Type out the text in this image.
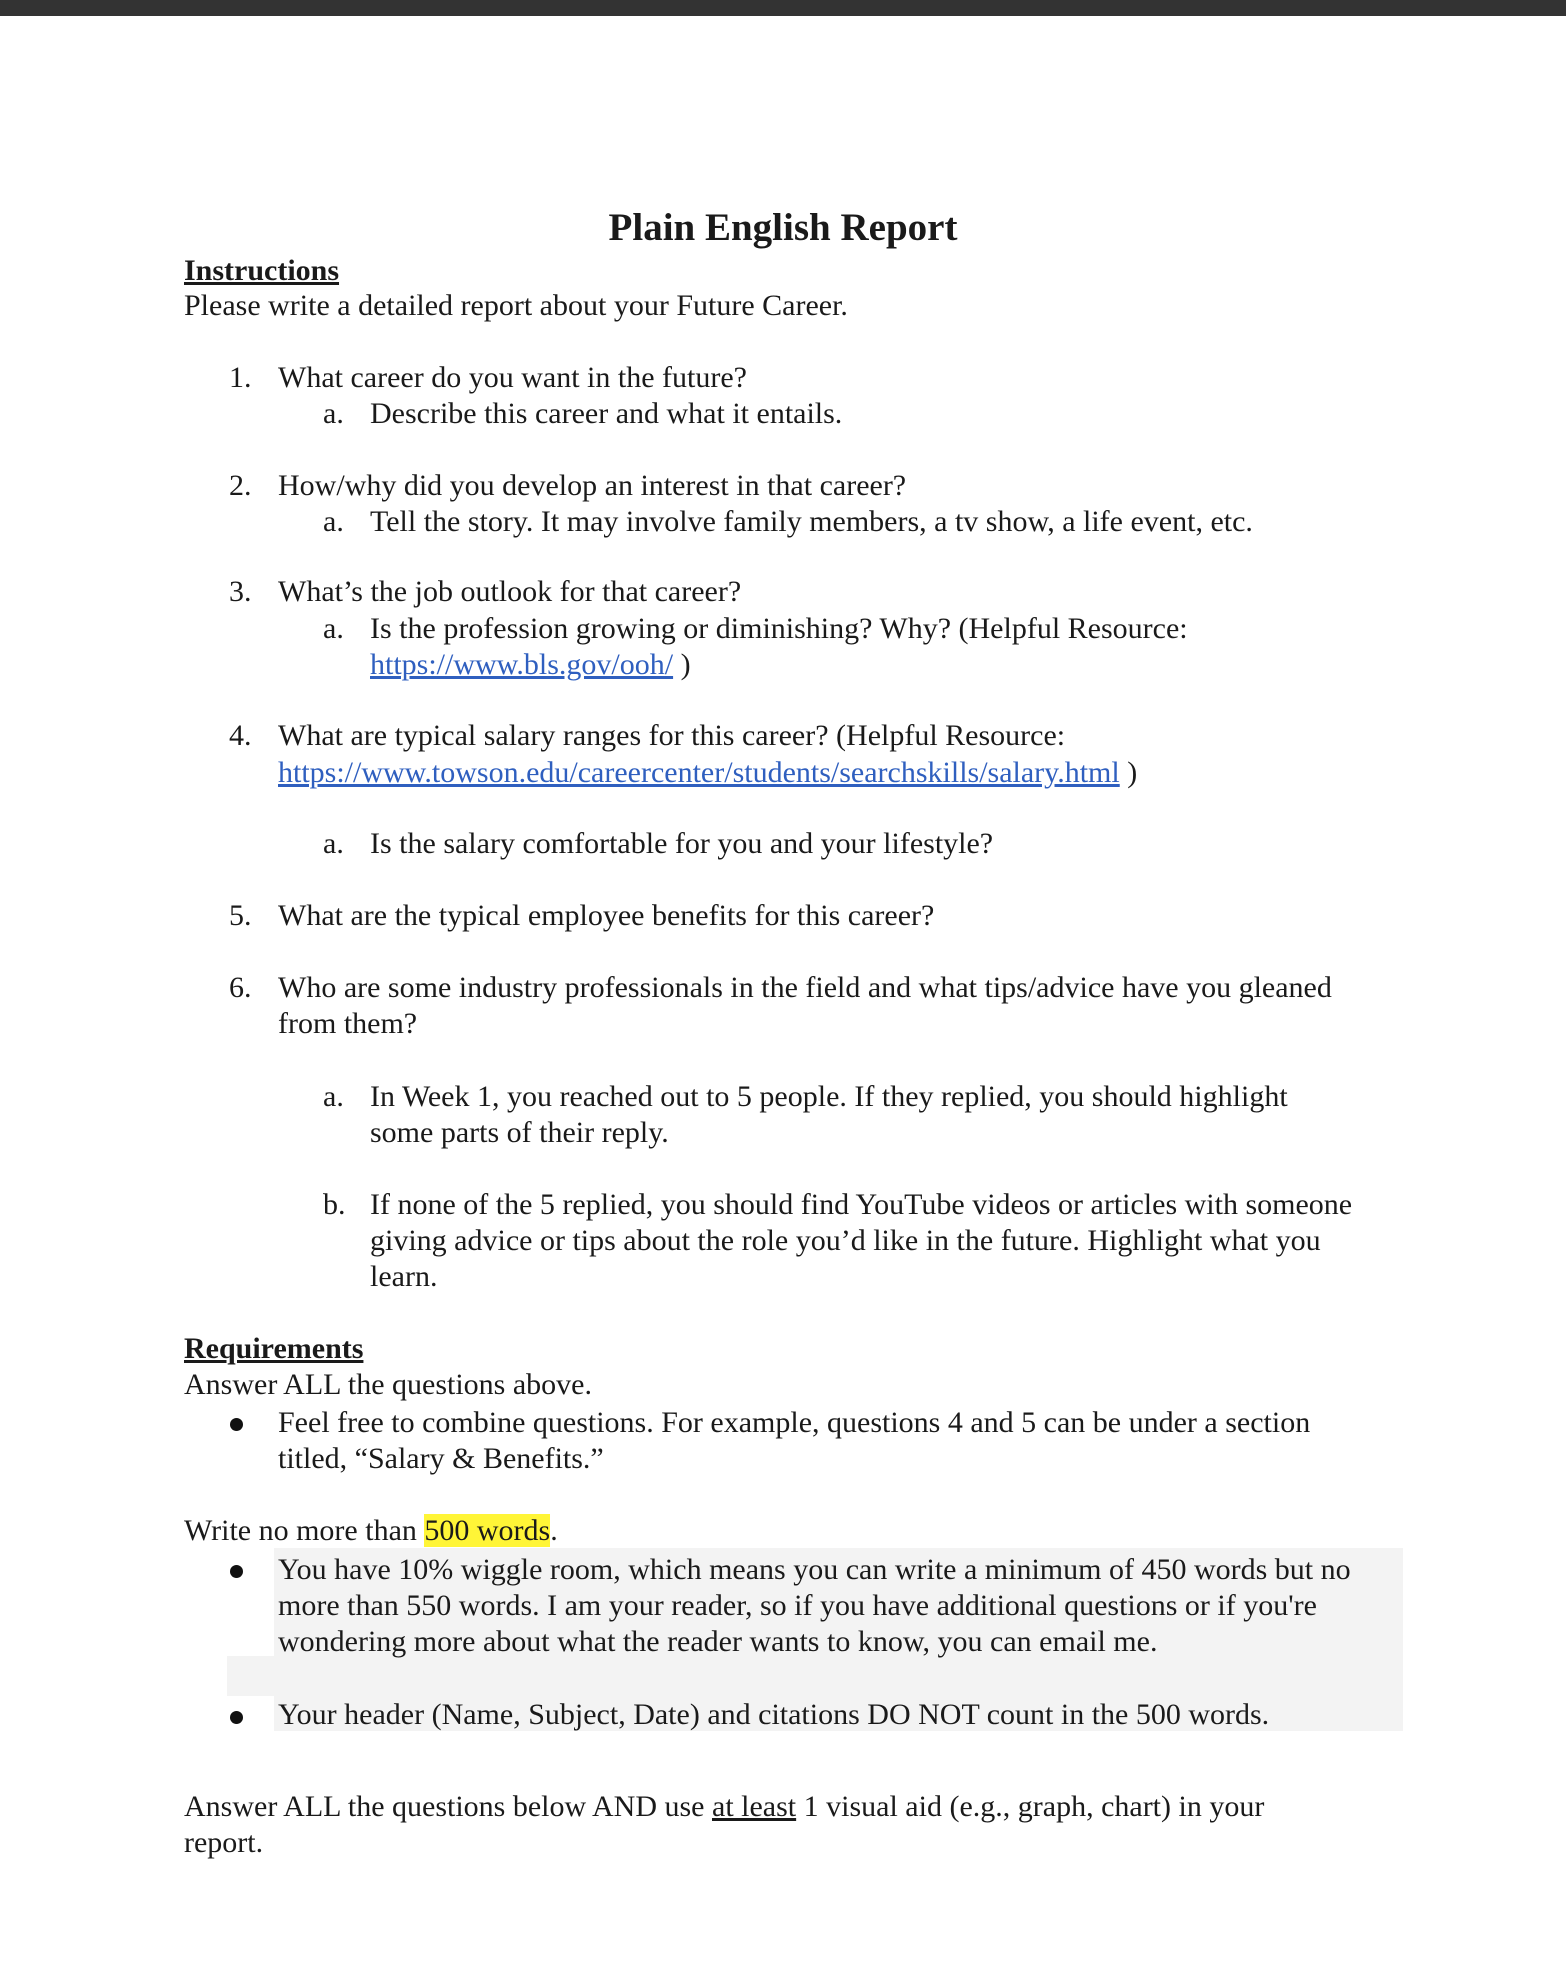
Plain English Report
Instructions
Please write a detailed report about your Future Career.
1. What career do you want in the future?
a. Describe this career and what it entails.
2. How/why did you develop an interest in that career?
a. Tell the story. It may involve family members, a tv show, a life event, etc.
3. What’s the job outlook for that career?
a. Is the profession growing or diminishing? Why? (Helpful Resource:
https://www.bls.gov/ooh/ )
4. What are typical salary ranges for this career? (Helpful Resource:
https://www.towson.edu/careercenter/students/searchskills/salary.html )
a. Is the salary comfortable for you and your lifestyle?
5. What are the typical employee benefits for this career?
6. Who are some industry professionals in the field and what tips/advice have you gleaned
from them?
a. In Week 1, you reached out to 5 people. If they replied, you should highlight
some parts of their reply.
b. If none of the 5 replied, you should find YouTube videos or articles with someone
giving advice or tips about the role you’d like in the future. Highlight what you
learn.
Requirements
Answer ALL the questions above.
Feel free to combine questions. For example, questions 4 and 5 can be under a section
titled, “Salary & Benefits.”
Write no more than 500 words.
You have 10% wiggle room, which means you can write a minimum of 450 words but no
more than 550 words. I am your reader, so if you have additional questions or if you're
wondering more about what the reader wants to know, you can email me.
Your header (Name, Subject, Date) and citations DO NOT count in the 500 words.
Answer ALL the questions below AND use at least 1 visual aid (e.g., graph, chart) in your
report.
